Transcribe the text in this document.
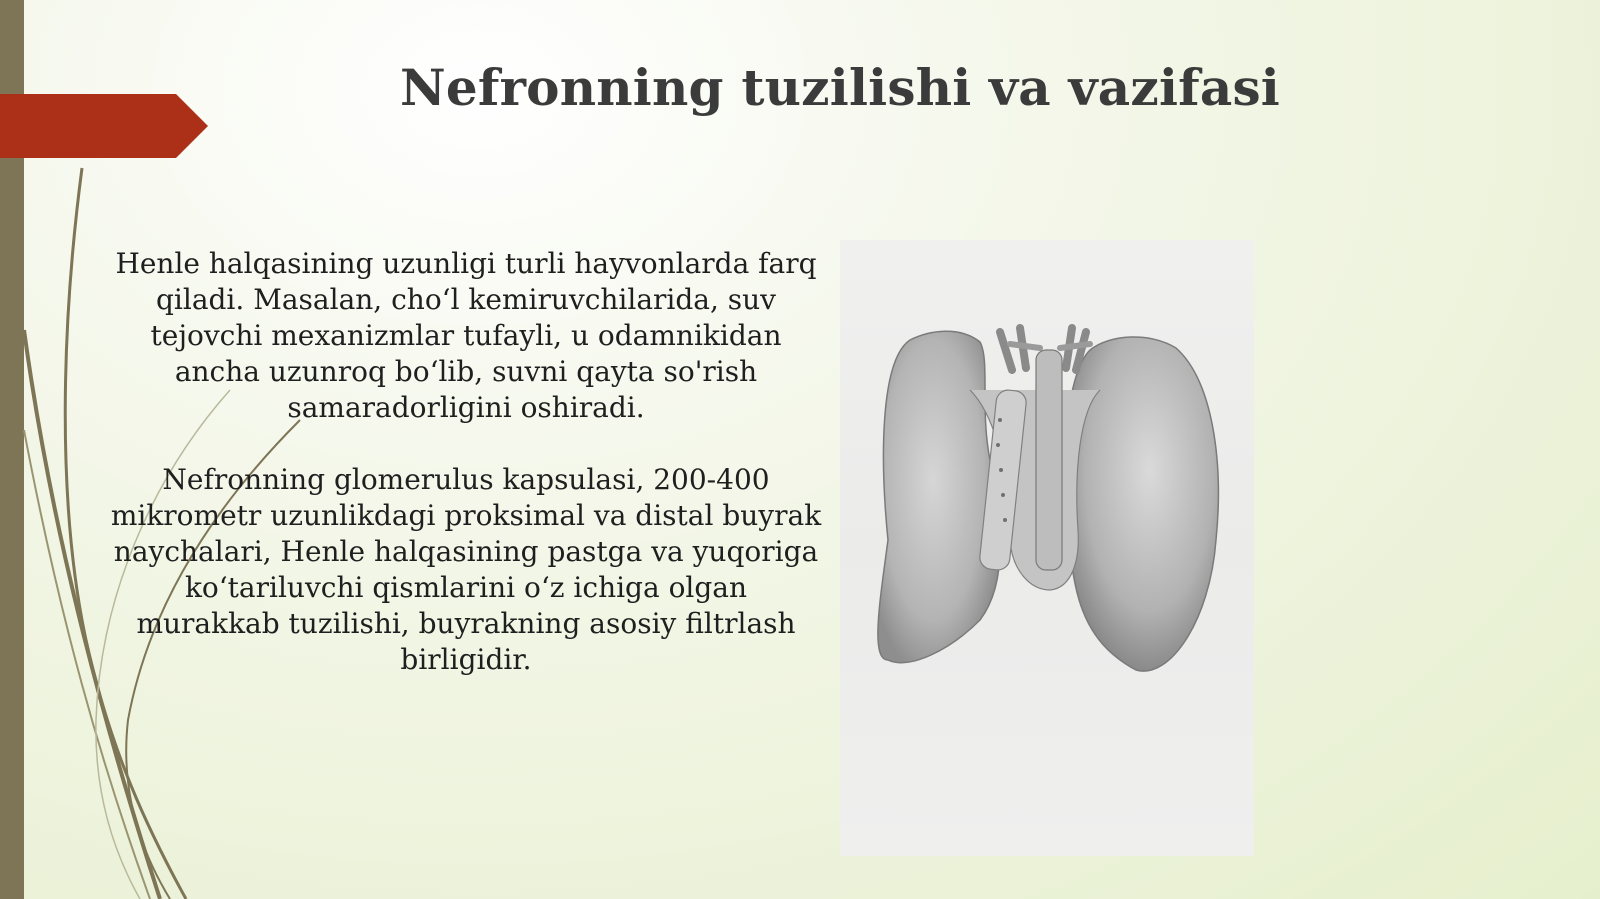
Nefronning tuzilishi va vazifasi

Henle halqasining uzunligi turli hayvonlarda farq qiladi. Masalan, cho‘l kemiruvchilarida, suv tejovchi mexanizmlar tufayli, u odamnikidan ancha uzunroq bo‘lib, suvni qayta so'rish samaradorligini oshiradi.

Nefronning glomerulus kapsulasi, 200-400 mikrometr uzunlikdagi proksimal va distal buyrak naychalari, Henle halqasining pastga va yuqoriga ko‘tariluvchi qismlarini o‘z ichiga olgan murakkab tuzilishi, buyrakning asosiy filtrlash birligidir.
